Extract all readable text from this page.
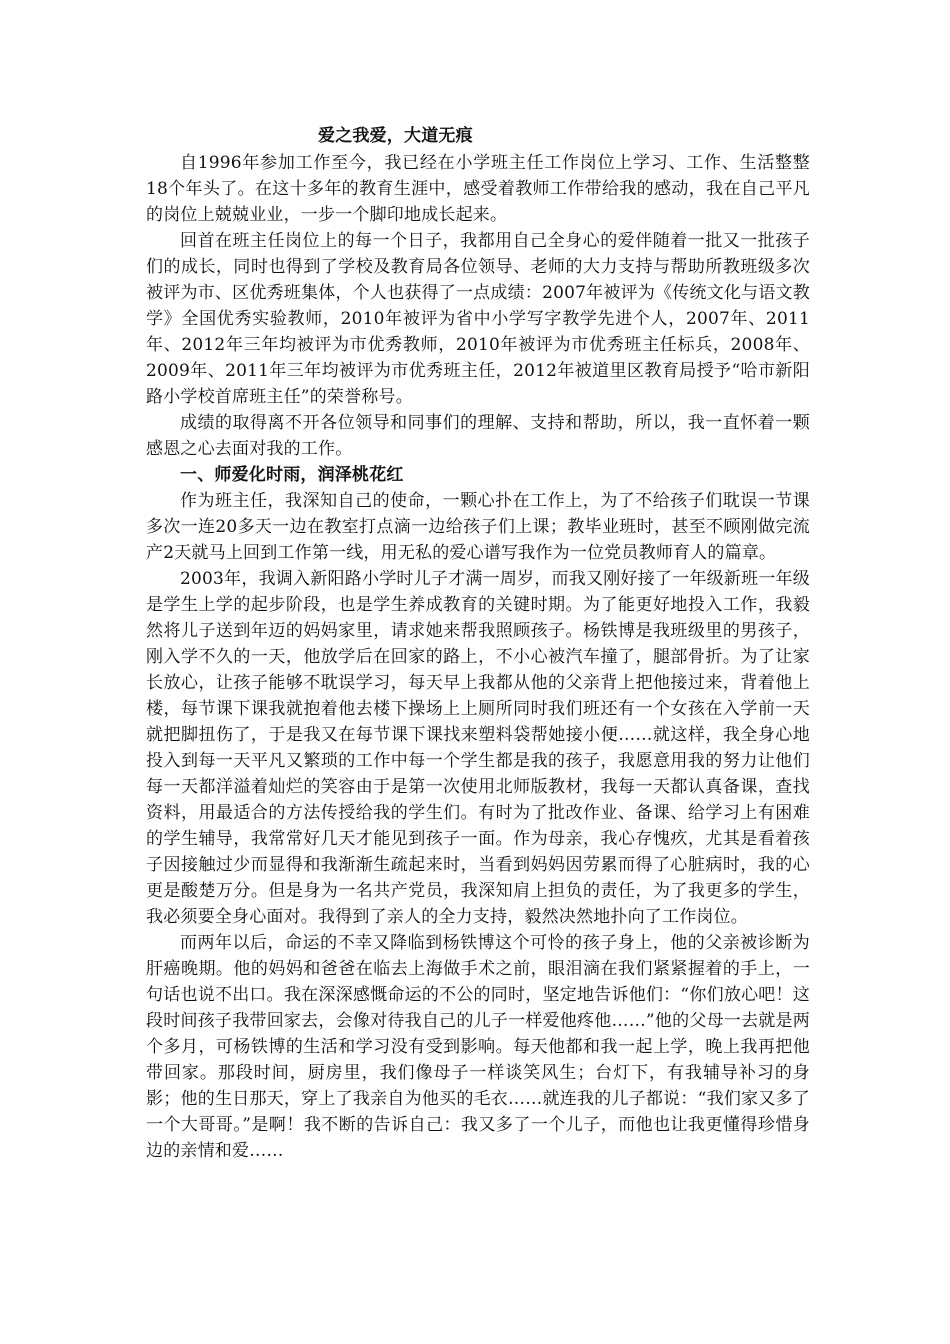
爱之我爱，大道无痕

自1996年参加工作至今，我已经在小学班主任工作岗位上学习、工作、生活整整18个年头了。在这十多年的教育生涯中，感受着教师工作带给我的感动，我在自己平凡的岗位上兢兢业业，一步一个脚印地成长起来。

回首在班主任岗位上的每一个日子，我都用自己全身心的爱伴随着一批又一批孩子们的成长，同时也得到了学校及教育局各位领导、老师的大力支持与帮助所教班级多次被评为市、区优秀班集体，个人也获得了一点成绩：2007年被评为《传统文化与语文教学》全国优秀实验教师，2010年被评为省中小学写字教学先进个人，2007年、2011年、2012年三年均被评为市优秀教师，2010年被评为市优秀班主任标兵，2008年、2009年、2011年三年均被评为市优秀班主任，2012年被道里区教育局授予“哈市新阳路小学校首席班主任”的荣誉称号。

成绩的取得离不开各位领导和同事们的理解、支持和帮助，所以，我一直怀着一颗感恩之心去面对我的工作。

一、师爱化时雨，润泽桃花红

作为班主任，我深知自己的使命，一颗心扑在工作上，为了不给孩子们耽误一节课多次一连20多天一边在教室打点滴一边给孩子们上课；教毕业班时，甚至不顾刚做完流产2天就马上回到工作第一线，用无私的爱心谱写我作为一位党员教师育人的篇章。

2003年，我调入新阳路小学时儿子才满一周岁，而我又刚好接了一年级新班一年级是学生上学的起步阶段，也是学生养成教育的关键时期。为了能更好地投入工作，我毅然将儿子送到年迈的妈妈家里，请求她来帮我照顾孩子。杨铁博是我班级里的男孩子，刚入学不久的一天，他放学后在回家的路上，不小心被汽车撞了，腿部骨折。为了让家长放心，让孩子能够不耽误学习，每天早上我都从他的父亲背上把他接过来，背着他上楼，每节课下课我就抱着他去楼下操场上上厕所同时我们班还有一个女孩在入学前一天就把脚扭伤了，于是我又在每节课下课找来塑料袋帮她接小便……就这样，我全身心地投入到每一天平凡又繁琐的工作中每一个学生都是我的孩子，我愿意用我的努力让他们每一天都洋溢着灿烂的笑容由于是第一次使用北师版教材，我每一天都认真备课，查找资料，用最适合的方法传授给我的学生们。有时为了批改作业、备课、给学习上有困难的学生辅导，我常常好几天才能见到孩子一面。作为母亲，我心存愧疚，尤其是看着孩子因接触过少而显得和我渐渐生疏起来时，当看到妈妈因劳累而得了心脏病时，我的心更是酸楚万分。但是身为一名共产党员，我深知肩上担负的责任，为了我更多的学生，我必须要全身心面对。我得到了亲人的全力支持，毅然决然地扑向了工作岗位。

而两年以后，命运的不幸又降临到杨铁博这个可怜的孩子身上，他的父亲被诊断为肝癌晚期。他的妈妈和爸爸在临去上海做手术之前，眼泪滴在我们紧紧握着的手上，一句话也说不出口。我在深深感慨命运的不公的同时，坚定地告诉他们：“你们放心吧！这段时间孩子我带回家去，会像对待我自己的儿子一样爱他疼他……”他的父母一去就是两个多月，可杨铁博的生活和学习没有受到影响。每天他都和我一起上学，晚上我再把他带回家。那段时间，厨房里，我们像母子一样谈笑风生；台灯下，有我辅导补习的身影；他的生日那天，穿上了我亲自为他买的毛衣……就连我的儿子都说：“我们家又多了一个大哥哥。”是啊！我不断的告诉自己：我又多了一个儿子，而他也让我更懂得珍惜身边的亲情和爱……
